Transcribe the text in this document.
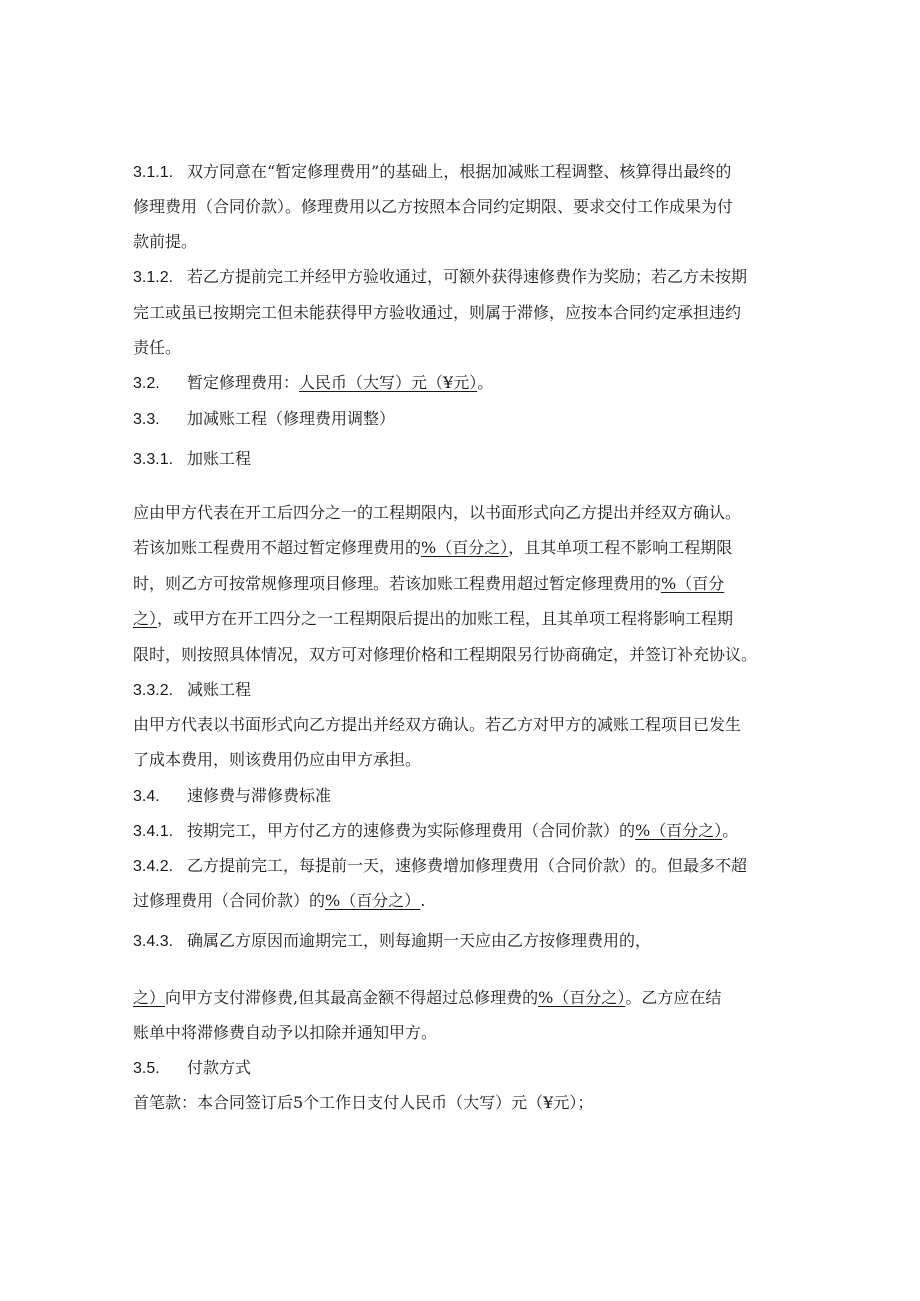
3.1.1. 双方同意在“暂定修理费用”的基础上，根据加减账工程调整、核算得出最终的
修理费用（合同价款）。修理费用以乙方按照本合同约定期限、要求交付工作成果为付
款前提。
3.1.2. 若乙方提前完工并经甲方验收通过，可额外获得速修费作为奖励；若乙方未按期
完工或虽已按期完工但未能获得甲方验收通过，则属于滞修，应按本合同约定承担违约
责任。
3.2. 暂定修理费用：人民币（大写）元（¥元）。
3.3. 加减账工程（修理费用调整）
3.3.1. 加账工程
应由甲方代表在开工后四分之一的工程期限内，以书面形式向乙方提出并经双方确认。
若该加账工程费用不超过暂定修理费用的%（百分之），且其单项工程不影响工程期限
时，则乙方可按常规修理项目修理。若该加账工程费用超过暂定修理费用的%（百分
之），或甲方在开工四分之一工程期限后提出的加账工程，且其单项工程将影响工程期
限时，则按照具体情况，双方可对修理价格和工程期限另行协商确定，并签订补充协议。
3.3.2. 减账工程
由甲方代表以书面形式向乙方提出并经双方确认。若乙方对甲方的减账工程项目已发生
了成本费用，则该费用仍应由甲方承担。
3.4. 速修费与滞修费标准
3.4.1. 按期完工，甲方付乙方的速修费为实际修理费用（合同价款）的%（百分之）。
3.4.2. 乙方提前完工，每提前一天，速修费增加修理费用（合同价款）的。但最多不超
过修理费用（合同价款）的%（百分之）.
3.4.3. 确属乙方原因而逾期完工，则每逾期一天应由乙方按修理费用的，
之）向甲方支付滞修费,但其最高金额不得超过总修理费的%（百分之）。乙方应在结
账单中将滞修费自动予以扣除并通知甲方。
3.5. 付款方式
首笔款：本合同签订后5个工作日支付人民币（大写）元（¥元）；
